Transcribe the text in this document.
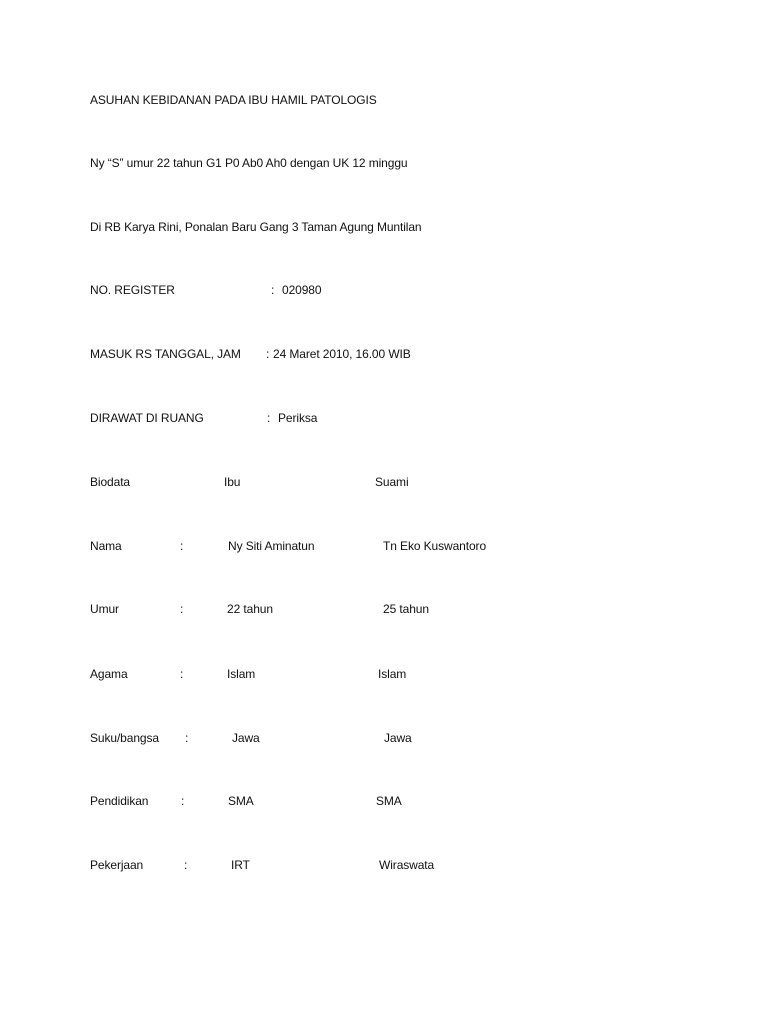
ASUHAN KEBIDANAN PADA IBU HAMIL PATOLOGIS
Ny “S” umur 22 tahun G1 P0 Ab0 Ah0 dengan UK 12 minggu
Di RB Karya Rini, Ponalan Baru Gang 3 Taman Agung Muntilan
NO. REGISTER	: 020980
MASUK RS TANGGAL, JAM : 24 Maret 2010, 16.00 WIB
DIRAWAT DI RUANG	: Periksa
Biodata	Ibu	Suami
Nama	:	Ny Siti Aminatun	Tn Eko Kuswantoro
Umur	:	22 tahun	25 tahun
Agama	:	Islam	Islam
Suku/bangsa :	Jawa	Jawa
Pendidikan	:	SMA	SMA
Pekerjaan	:	IRT	Wiraswata
